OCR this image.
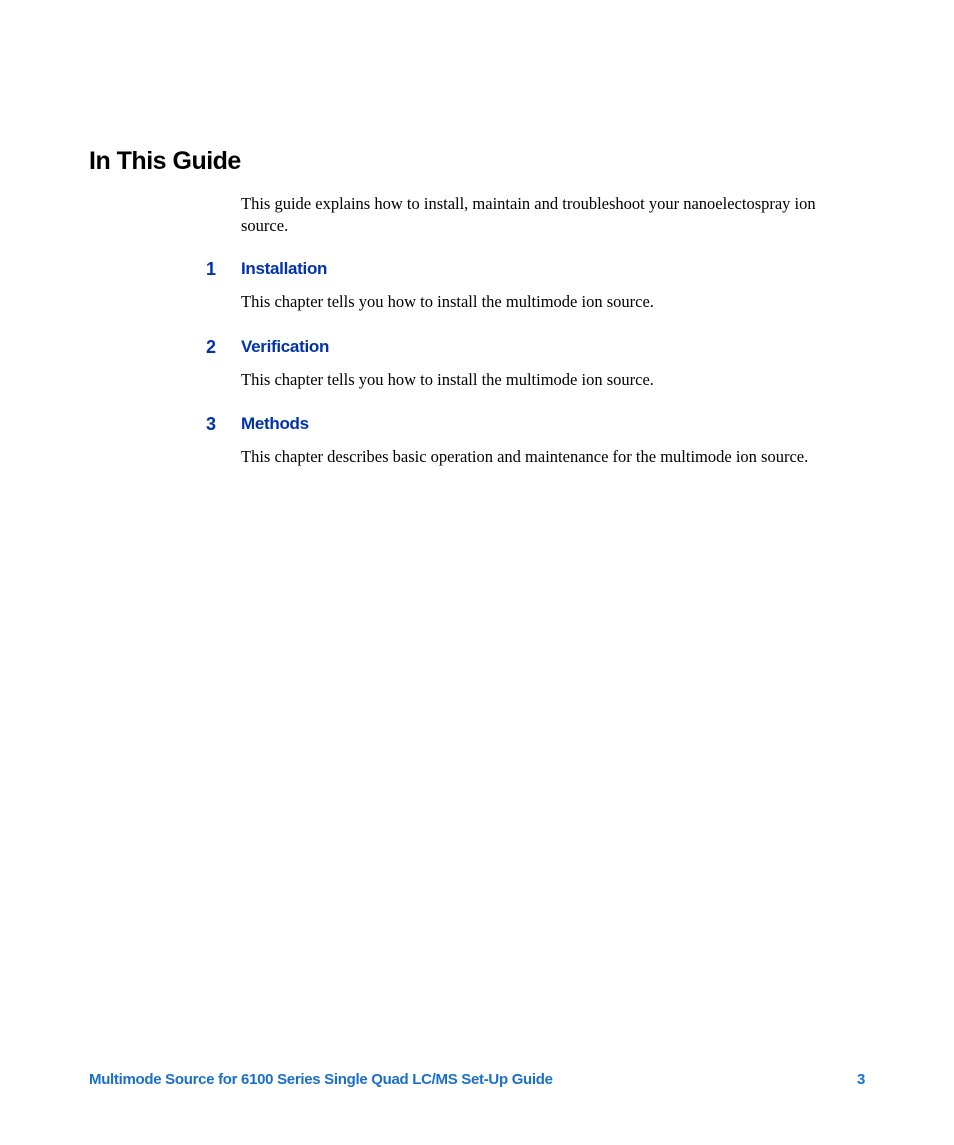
In This Guide

This guide explains how to install, maintain and troubleshoot your nanoelectospray ion source.

1 Installation

This chapter tells you how to install the multimode ion source.

2 Verification

This chapter tells you how to install the multimode ion source.

3 Methods

This chapter describes basic operation and maintenance for the multimode ion source.

Multimode Source for 6100 Series Single Quad LC/MS Set-Up Guide	3
